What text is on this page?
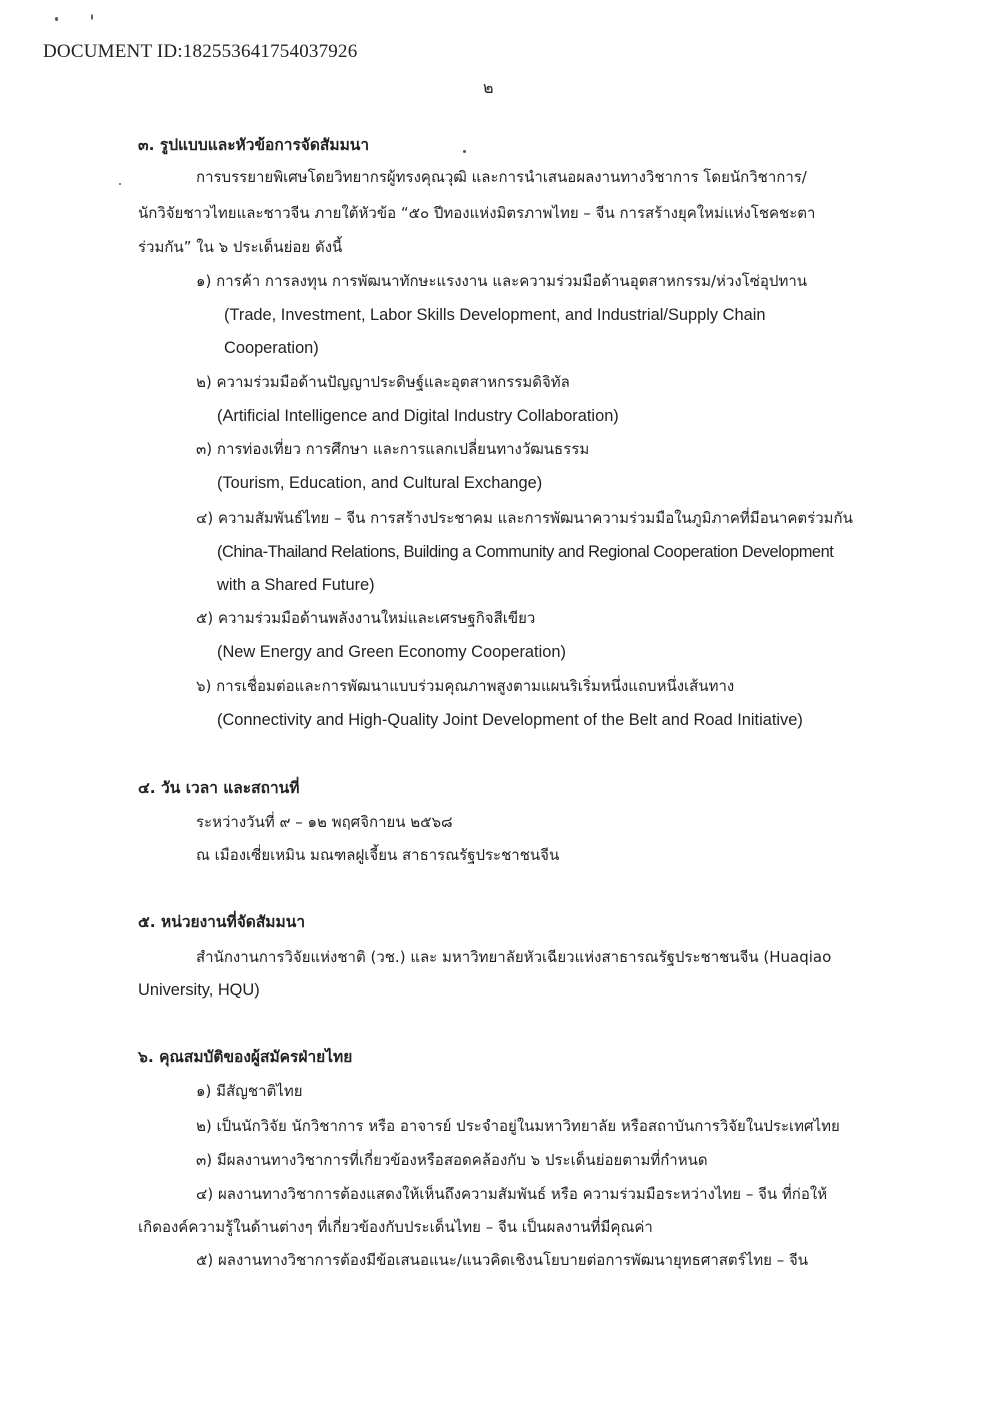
DOCUMENT ID:182553641754037926
๒
๓. รูปแบบและหัวข้อการจัดสัมมนา
การบรรยายพิเศษโดยวิทยากรผู้ทรงคุณวุฒิ และการนำเสนอผลงานทางวิชาการ โดยนักวิชาการ/
นักวิจัยชาวไทยและชาวจีน ภายใต้หัวข้อ “๕๐ ปีทองแห่งมิตรภาพไทย – จีน การสร้างยุคใหม่แห่งโชคชะตา
ร่วมกัน” ใน ๖ ประเด็นย่อย ดังนี้
๑) การค้า การลงทุน การพัฒนาทักษะแรงงาน และความร่วมมือด้านอุตสาหกรรม/ห่วงโซ่อุปทาน
(Trade, Investment, Labor Skills Development, and Industrial/Supply Chain
Cooperation)
๒) ความร่วมมือด้านปัญญาประดิษฐ์และอุตสาหกรรมดิจิทัล
(Artificial Intelligence and Digital Industry Collaboration)
๓) การท่องเที่ยว การศึกษา และการแลกเปลี่ยนทางวัฒนธรรม
(Tourism, Education, and Cultural Exchange)
๔) ความสัมพันธ์ไทย – จีน การสร้างประชาคม และการพัฒนาความร่วมมือในภูมิภาคที่มีอนาคตร่วมกัน
(China-Thailand Relations, Building a Community and Regional Cooperation Development
with a Shared Future)
๕) ความร่วมมือด้านพลังงานใหม่และเศรษฐกิจสีเขียว
(New Energy and Green Economy Cooperation)
๖) การเชื่อมต่อและการพัฒนาแบบร่วมคุณภาพสูงตามแผนริเริ่มหนึ่งแถบหนึ่งเส้นทาง
(Connectivity and High-Quality Joint Development of the Belt and Road Initiative)
๔. วัน เวลา และสถานที่
ระหว่างวันที่ ๙ – ๑๒ พฤศจิกายน ๒๕๖๘
ณ เมืองเซี่ยเหมิน มณฑลฝูเจี้ยน สาธารณรัฐประชาชนจีน
๕. หน่วยงานที่จัดสัมมนา
สำนักงานการวิจัยแห่งชาติ (วช.) และ มหาวิทยาลัยหัวเฉียวแห่งสาธารณรัฐประชาชนจีน (Huaqiao
University, HQU)
๖. คุณสมบัติของผู้สมัครฝ่ายไทย
๑) มีสัญชาติไทย
๒) เป็นนักวิจัย นักวิชาการ หรือ อาจารย์ ประจำอยู่ในมหาวิทยาลัย หรือสถาบันการวิจัยในประเทศไทย
๓) มีผลงานทางวิชาการที่เกี่ยวข้องหรือสอดคล้องกับ ๖ ประเด็นย่อยตามที่กำหนด
๔) ผลงานทางวิชาการต้องแสดงให้เห็นถึงความสัมพันธ์ หรือ ความร่วมมือระหว่างไทย – จีน ที่ก่อให้
เกิดองค์ความรู้ในด้านต่างๆ ที่เกี่ยวข้องกับประเด็นไทย – จีน เป็นผลงานที่มีคุณค่า
๕) ผลงานทางวิชาการต้องมีข้อเสนอแนะ/แนวคิดเชิงนโยบายต่อการพัฒนายุทธศาสตร์ไทย – จีน
